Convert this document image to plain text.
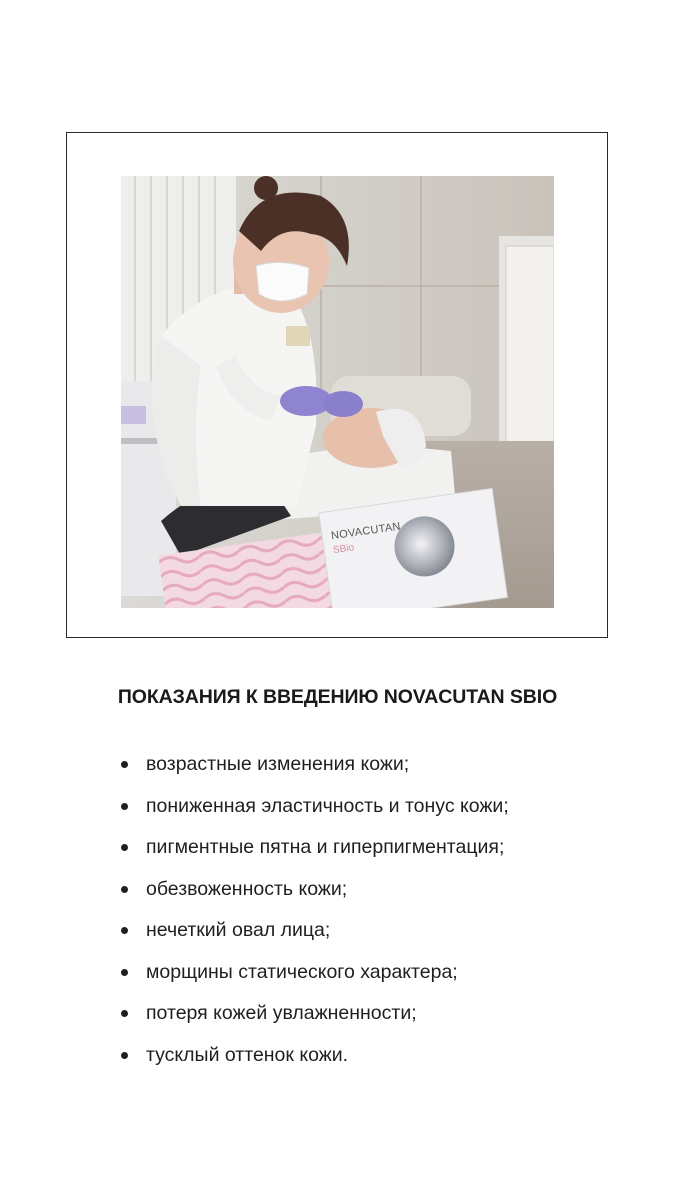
NOVACUTAN
SBio
ПОКАЗАНИЯ К ВВЕДЕНИЮ NOVACUTAN SBIO
возрастные изменения кожи;
пониженная эластичность и тонус кожи;
пигментные пятна и гиперпигментация;
обезвоженность кожи;
нечеткий овал лица;
морщины статического характера;
потеря кожей увлажненности;
тусклый оттенок кожи.
